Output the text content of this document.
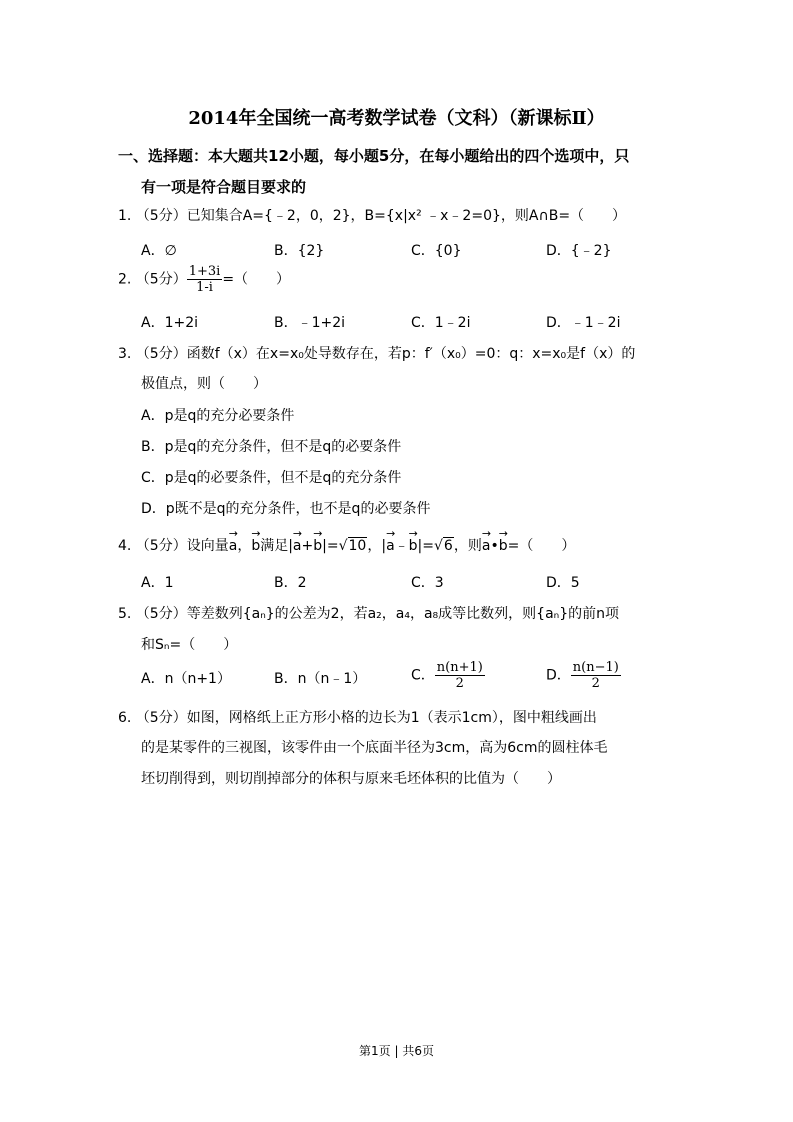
2014年全国统一高考数学试卷（文科）（新课标Ⅱ）
一、选择题：本大题共12小题，每小题5分，在每小题给出的四个选项中，只
有一项是符合题目要求的
1. （5分）已知集合A={﹣2，0，2}，B={x|x² ﹣x﹣2=0}，则A∩B=（　　）
A．∅	B．{2}	C．{0}	D．{﹣2}
2. （5分） $\frac{1+3i}{1-i}$ =（　　）
A．1+2i	B．﹣1+2i	C．1﹣2i	D．﹣1﹣2i
3. （5分）函数f（x）在x=x₀处导数存在，若p：f′（x₀）=0：q：x=x₀是f（x）的
极值点，则（　　）
A．p是q的充分必要条件
B．p是q的充分条件，但不是q的必要条件
C．p是q的必要条件，但不是q的充分条件
D．p既不是q的充分条件，也不是q的必要条件
4. （5分）设向量→ a，→ b满足|→ a+→ b|=√10，|→ a﹣→ b|=√6，则→ a•→ b=（　　）
A．1	B．2	C．3	D．5
5. （5分）等差数列{aₙ}的公差为2，若a₂，a₄，a₈成等比数列，则{aₙ}的前n项
和Sₙ=（　　）
A．n（n+1）	B．n（n﹣1）	C． $\frac{n(n+1)}{2}$	D． $\frac{n(n-1)}{2}$
6. （5分）如图，网格纸上正方形小格的边长为1（表示1cm），图中粗线画出
的是某零件的三视图，该零件由一个底面半径为3cm，高为6cm的圆柱体毛
坯切削得到，则切削掉部分的体积与原来毛坯体积的比值为（　　）
第1页 | 共6页
